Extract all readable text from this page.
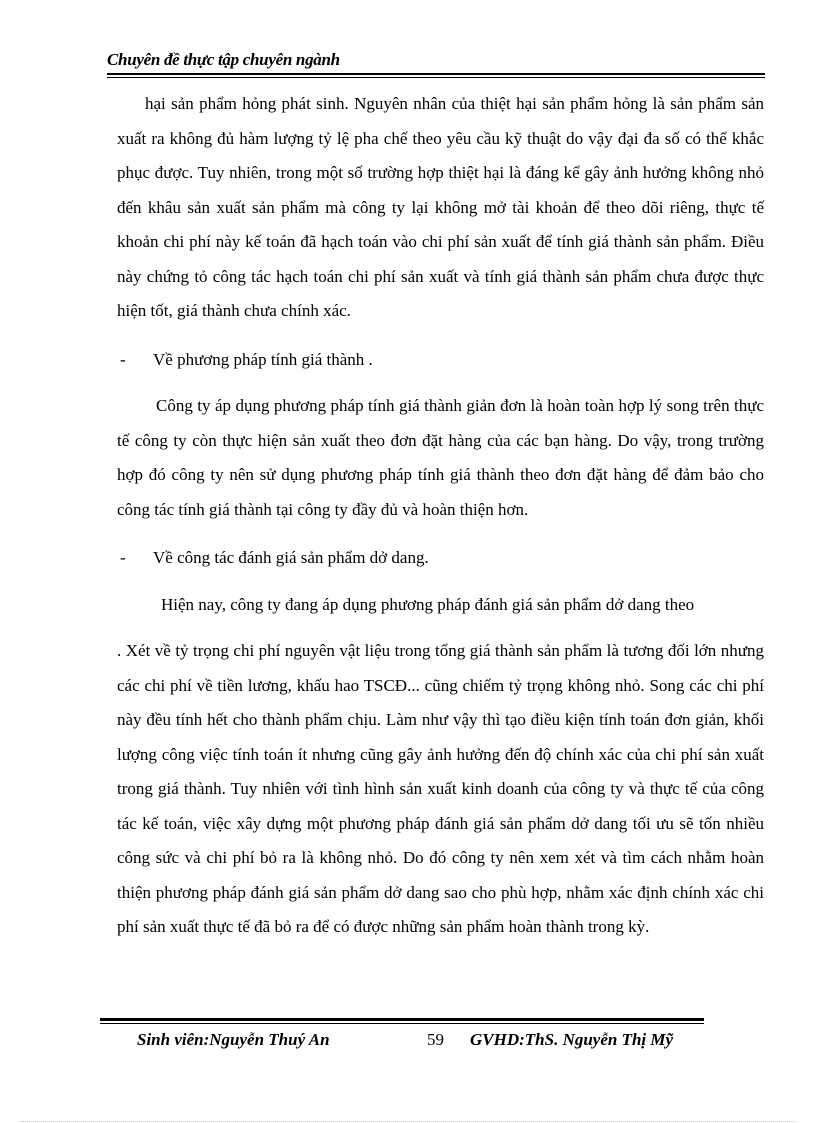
Chuyên đề thực tập chuyên ngành

hại sản phẩm hỏng phát sinh. Nguyên nhân của thiệt hại sản phẩm hỏng là sản phẩm sản xuất ra không đủ hàm lượng tỷ lệ pha chế theo yêu cầu kỹ thuật do vậy đại đa số có thể khắc phục được. Tuy nhiên, trong một số trường hợp thiệt hại là đáng kể gây ảnh hưởng không nhỏ đến khâu sản xuất sản phẩm mà công ty lại không mở tài khoản để theo dõi riêng, thực tế khoản chi phí này kế toán đã hạch toán vào chi phí sản xuất để tính giá thành sản phẩm. Điều này chứng tỏ công tác hạch toán chi phí sản xuất và tính giá thành sản phẩm chưa được thực hiện tốt, giá thành chưa chính xác.

- Về phương pháp tính giá thành .

Công ty áp dụng phương pháp tính giá thành giản đơn là hoàn toàn hợp lý song trên thực tế công ty còn thực hiện sản xuất theo đơn đặt hàng của các bạn hàng. Do vậy, trong trường hợp đó công ty nên sử dụng phương pháp tính giá thành theo đơn đặt hàng để đảm bảo cho công tác tính giá thành tại công ty đầy đủ và hoàn thiện hơn.

- Về công tác đánh giá sản phẩm dở dang.

Hiện nay, công ty đang áp dụng phương pháp đánh giá sản phẩm dở dang theo

. Xét về tỷ trọng chi phí nguyên vật liệu trong tổng giá thành sản phẩm là tương đối lớn nhưng các chi phí về tiền lương, khấu hao TSCĐ... cũng chiếm tỷ trọng không nhỏ. Song các chi phí này đều tính hết cho thành phẩm chịu. Làm như vậy thì tạo điều kiện tính toán đơn giản, khối lượng công việc tính toán ít nhưng cũng gây ảnh hưởng đến độ chính xác của chi phí sản xuất trong giá thành. Tuy nhiên với tình hình sản xuất kinh doanh của công ty và thực tế của công tác kế toán, việc xây dựng một phương pháp đánh giá sản phẩm dở dang tối ưu sẽ tốn nhiều công sức và chi phí bỏ ra là không nhỏ. Do đó công ty nên xem xét và tìm cách nhằm hoàn thiện phương pháp đánh giá sản phẩm dở dang sao cho phù hợp, nhằm xác định chính xác chi phí sản xuất thực tế đã bỏ ra để có được những sản phẩm hoàn thành trong kỳ.

Sinh viên:Nguyễn Thuý An	59 GVHD:ThS. Nguyễn Thị Mỹ
